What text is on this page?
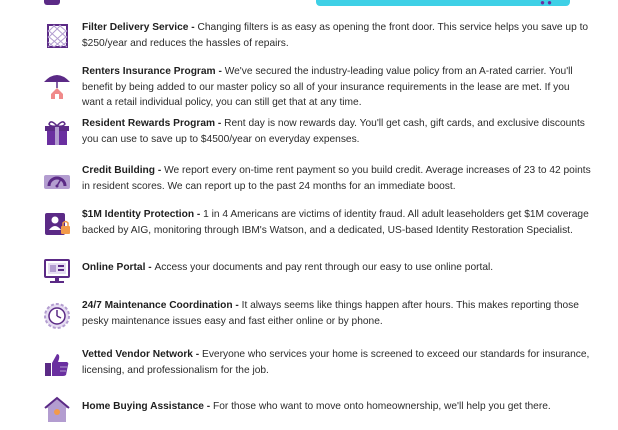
● ●
Filter Delivery Service - Changing filters is as easy as opening the front door. This service helps you save up to $250/year and reduces the hassles of repairs.
Renters Insurance Program - We've secured the industry-leading value policy from an A-rated carrier. You'll benefit by being added to our master policy so all of your insurance requirements in the lease are met. If you want a retail individual policy, you can still get that at any time.
Resident Rewards Program - Rent day is now rewards day. You'll get cash, gift cards, and exclusive discounts you can use to save up to $4500/year on everyday expenses.
Credit Building - We report every on-time rent payment so you build credit. Average increases of 23 to 42 points in resident scores. We can report up to the past 24 months for an immediate boost.
$1M Identity Protection - 1 in 4 Americans are victims of identity fraud. All adult leaseholders get $1M coverage backed by AIG, monitoring through IBM's Watson, and a dedicated, US-based Identity Restoration Specialist.
Online Portal - Access your documents and pay rent through our easy to use online portal.
24/7 Maintenance Coordination - It always seems like things happen after hours. This makes reporting those pesky maintenance issues easy and fast either online or by phone.
Vetted Vendor Network - Everyone who services your home is screened to exceed our standards for insurance, licensing, and professionalism for the job.
Home Buying Assistance - For those who want to move onto homeownership, we'll help you get there.
